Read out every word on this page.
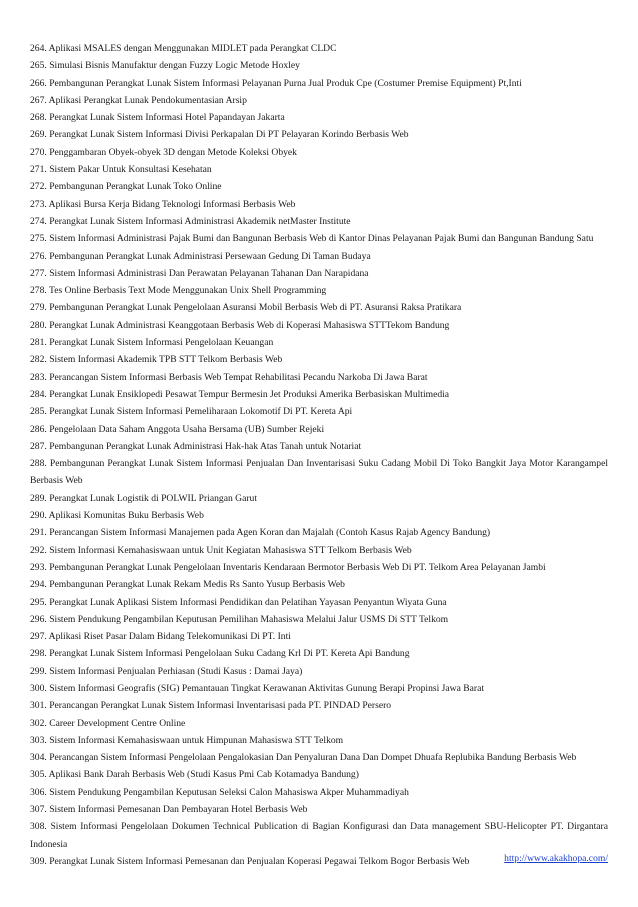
264. Aplikasi MSALES dengan Menggunakan MIDLET pada Perangkat CLDC
265. Simulasi Bisnis Manufaktur dengan Fuzzy Logic Metode Hoxley
266. Pembangunan Perangkat Lunak Sistem Informasi Pelayanan Purna Jual Produk Cpe (Costumer Premise Equipment) Pt,Inti
267. Aplikasi Perangkat Lunak Pendokumentasian Arsip
268. Perangkat Lunak Sistem Informasi Hotel Papandayan Jakarta
269. Perangkat Lunak Sistem Informasi Divisi Perkapalan Di PT Pelayaran Korindo Berbasis Web
270. Penggambaran Obyek-obyek 3D dengan Metode Koleksi Obyek
271. Sistem Pakar Untuk Konsultasi Kesehatan
272. Pembangunan Perangkat Lunak Toko Online
273. Aplikasi Bursa Kerja Bidang Teknologi Informasi Berbasis Web
274. Perangkat Lunak Sistem Informasi Administrasi Akademik netMaster Institute
275. Sistem Informasi Administrasi Pajak Bumi dan Bangunan Berbasis Web di Kantor Dinas Pelayanan Pajak Bumi dan Bangunan Bandung Satu
276. Pembangunan Perangkat Lunak Administrasi Persewaan Gedung Di Taman Budaya
277. Sistem Informasi Administrasi Dan Perawatan Pelayanan Tahanan Dan Narapidana
278. Tes Online Berbasis Text Mode Menggunakan Unix Shell Programming
279. Pembangunan Perangkat Lunak Pengelolaan Asuransi Mobil Berbasis Web di PT. Asuransi Raksa Pratikara
280. Perangkat Lunak Administrasi Keanggotaan Berbasis Web di Koperasi Mahasiswa STTTekom Bandung
281. Perangkat Lunak Sistem Informasi Pengelolaan Keuangan
282. Sistem Informasi Akademik TPB STT Telkom Berbasis Web
283. Perancangan Sistem Informasi Berbasis Web Tempat Rehabilitasi Pecandu Narkoba Di Jawa Barat
284. Perangkat Lunak Ensiklopedi Pesawat Tempur Bermesin Jet Produksi Amerika Berbasiskan Multimedia
285. Perangkat Lunak Sistem Informasi Pemeliharaan Lokomotif Di PT. Kereta Api
286. Pengelolaan Data Saham Anggota Usaha Bersama (UB) Sumber Rejeki
287. Pembangunan Perangkat Lunak Administrasi Hak-hak Atas Tanah untuk Notariat
288. Pembangunan Perangkat Lunak Sistem Informasi Penjualan Dan Inventarisasi Suku Cadang Mobil Di Toko Bangkit Jaya Motor Karangampel Berbasis Web
289. Perangkat Lunak Logistik di POLWIL Priangan Garut
290. Aplikasi Komunitas Buku Berbasis Web
291. Perancangan Sistem Informasi Manajemen pada Agen Koran dan Majalah (Contoh Kasus Rajab Agency Bandung)
292. Sistem Informasi Kemahasiswaan untuk Unit Kegiatan Mahasiswa STT Telkom Berbasis Web
293. Pembangunan Perangkat Lunak Pengelolaan Inventaris Kendaraan Bermotor Berbasis Web Di PT. Telkom Area Pelayanan Jambi
294. Pembangunan Perangkat Lunak Rekam Medis Rs Santo Yusup Berbasis Web
295. Perangkat Lunak Aplikasi Sistem Informasi Pendidikan dan Pelatihan Yayasan Penyantun Wiyata Guna
296. Sistem Pendukung Pengambilan Keputusan Pemilihan Mahasiswa Melalui Jalur USMS Di STT Telkom
297. Aplikasi Riset Pasar Dalam Bidang Telekomunikasi Di PT. Inti
298. Perangkat Lunak Sistem Informasi Pengelolaan Suku Cadang Krl Di PT. Kereta Api Bandung
299. Sistem Informasi Penjualan Perhiasan (Studi Kasus : Damai Jaya)
300. Sistem Informasi Geografis (SIG) Pemantauan Tingkat Kerawanan Aktivitas Gunung Berapi Propinsi Jawa Barat
301. Perancangan Perangkat Lunak Sistem Informasi Inventarisasi pada PT. PINDAD Persero
302. Career Development Centre Online
303. Sistem Informasi Kemahasiswaan untuk Himpunan Mahasiswa STT Telkom
304. Perancangan Sistem Informasi Pengelolaan Pengalokasian Dan Penyaluran Dana Dan Dompet Dhuafa Replubika Bandung Berbasis Web
305. Aplikasi Bank Darah Berbasis Web (Studi Kasus Pmi Cab Kotamadya Bandung)
306. Sistem Pendukung Pengambilan Keputusan Seleksi Calon Mahasiswa Akper Muhammadiyah
307. Sistem Informasi Pemesanan Dan Pembayaran Hotel Berbasis Web
308. Sistem Informasi Pengelolaan Dokumen Technical Publication di Bagian Konfigurasi dan Data management SBU-Helicopter PT. Dirgantara Indonesia
309. Perangkat Lunak Sistem Informasi Pemesanan dan Penjualan Koperasi Pegawai Telkom Bogor Berbasis Web	http://www.akakhopa.com/
